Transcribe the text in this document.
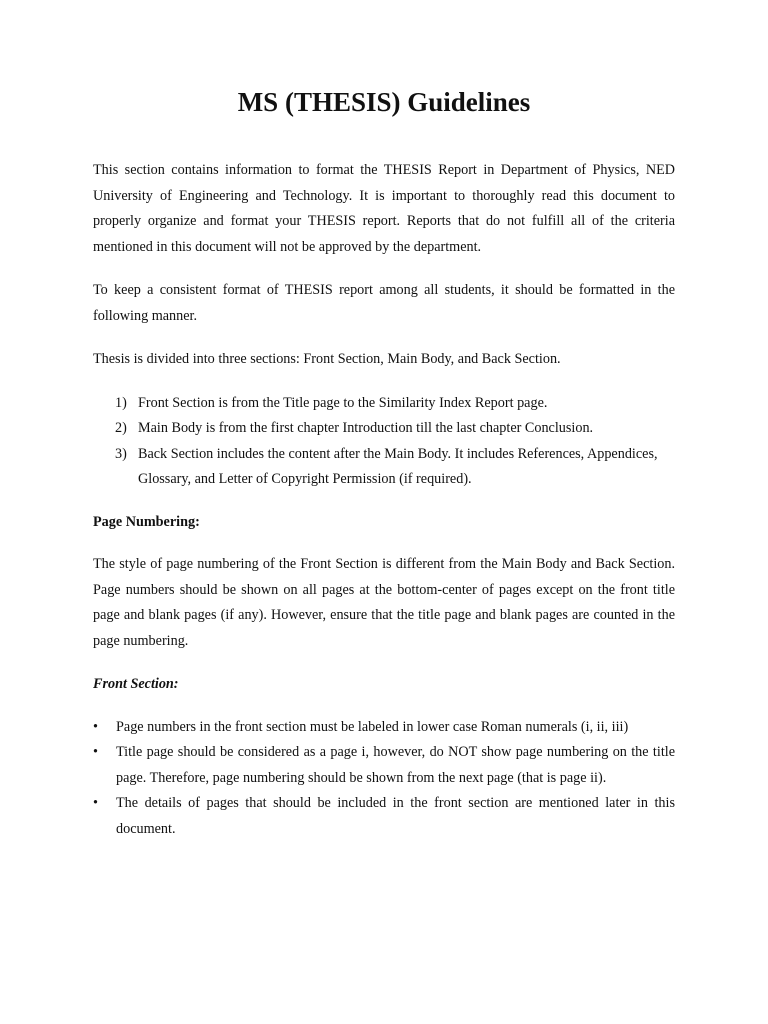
MS (THESIS) Guidelines

This section contains information to format the THESIS Report in Department of Physics, NED University of Engineering and Technology. It is important to thoroughly read this document to properly organize and format your THESIS report. Reports that do not fulfill all of the criteria mentioned in this document will not be approved by the department.

To keep a consistent format of THESIS report among all students, it should be formatted in the following manner.

Thesis is divided into three sections: Front Section, Main Body, and Back Section.

1) Front Section is from the Title page to the Similarity Index Report page.
2) Main Body is from the first chapter Introduction till the last chapter Conclusion.
3) Back Section includes the content after the Main Body. It includes References, Appendices, Glossary, and Letter of Copyright Permission (if required).

Page Numbering:

The style of page numbering of the Front Section is different from the Main Body and Back Section. Page numbers should be shown on all pages at the bottom-center of pages except on the front title page and blank pages (if any). However, ensure that the title page and blank pages are counted in the page numbering.

Front Section:

• Page numbers in the front section must be labeled in lower case Roman numerals (i, ii, iii)
• Title page should be considered as a page i, however, do NOT show page numbering on the title page. Therefore, page numbering should be shown from the next page (that is page ii).
• The details of pages that should be included in the front section are mentioned later in this document.
